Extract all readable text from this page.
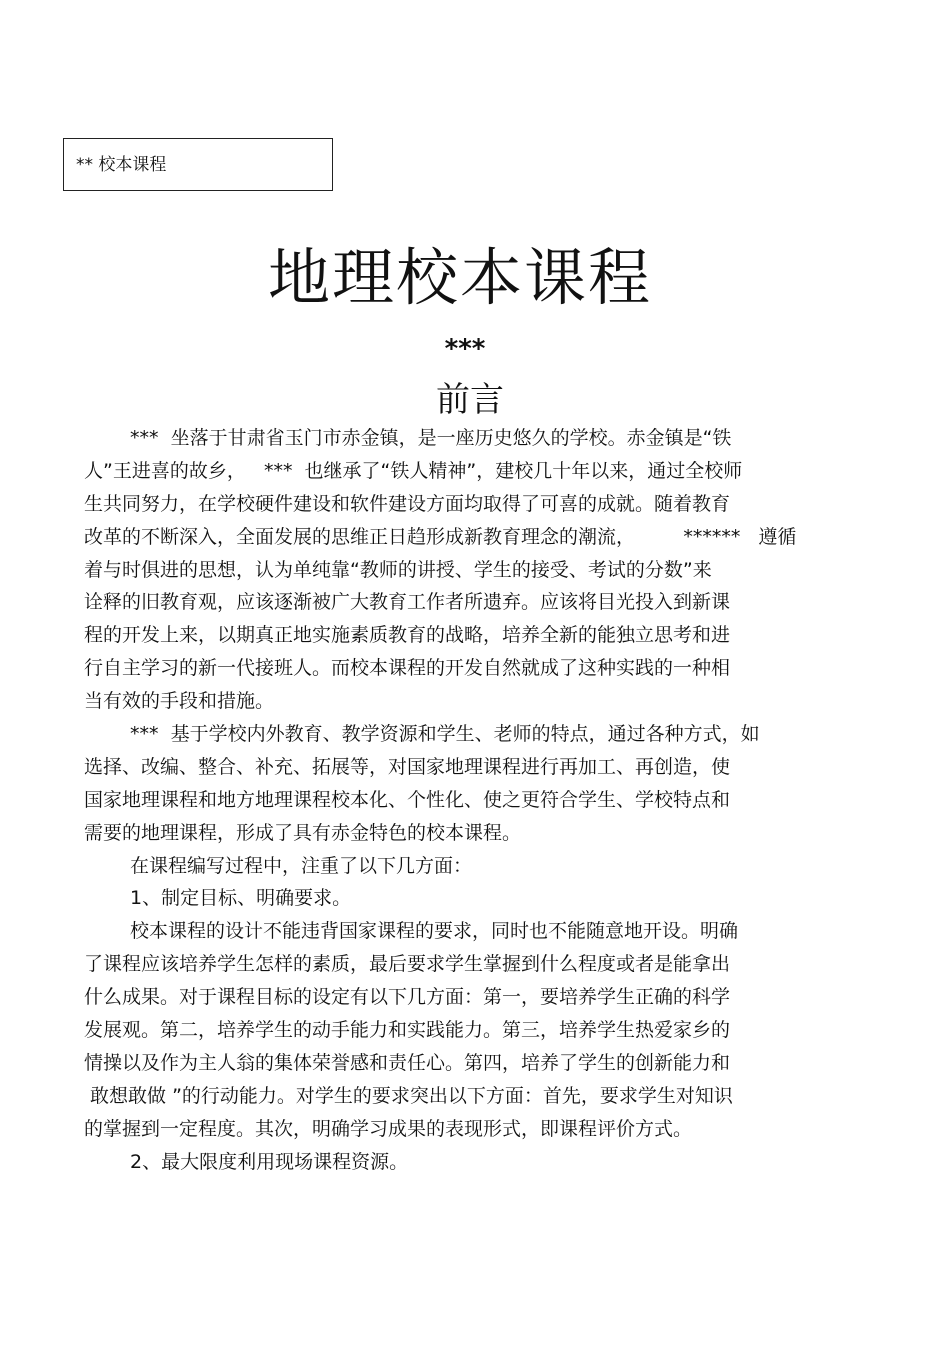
** 校本课程
地理校本课程
***
前言
***  坐落于甘肃省玉门市赤金镇，是一座历史悠久的学校。赤金镇是“铁
人”王进喜的故乡，   ***  也继承了“铁人精神”，建校几十年以来，通过全校师
生共同努力，在学校硬件建设和软件建设方面均取得了可喜的成就。随着教育
改革的不断深入，全面发展的思维正日趋形成新教育理念的潮流，        ******   遵循
着与时俱进的思想，认为单纯靠“教师的讲授、学生的接受、考试的分数”来
诠释的旧教育观，应该逐渐被广大教育工作者所遗弃。应该将目光投入到新课
程的开发上来，以期真正地实施素质教育的战略，培养全新的能独立思考和进
行自主学习的新一代接班人。而校本课程的开发自然就成了这种实践的一种相
当有效的手段和措施。
***  基于学校内外教育、教学资源和学生、老师的特点，通过各种方式，如
选择、改编、整合、补充、拓展等，对国家地理课程进行再加工、再创造，使
国家地理课程和地方地理课程校本化、个性化、使之更符合学生、学校特点和
需要的地理课程，形成了具有赤金特色的校本课程。
在课程编写过程中，注重了以下几方面：
1、制定目标、明确要求。
校本课程的设计不能违背国家课程的要求，同时也不能随意地开设。明确
了课程应该培养学生怎样的素质，最后要求学生掌握到什么程度或者是能拿出
什么成果。对于课程目标的设定有以下几方面：第一，要培养学生正确的科学
发展观。第二，培养学生的动手能力和实践能力。第三，培养学生热爱家乡的
情操以及作为主人翁的集体荣誉感和责任心。第四，培养了学生的创新能力和
敢想敢做 ”的行动能力。对学生的要求突出以下方面：首先，要求学生对知识
的掌握到一定程度。其次，明确学习成果的表现形式，即课程评价方式。
2、最大限度利用现场课程资源。
